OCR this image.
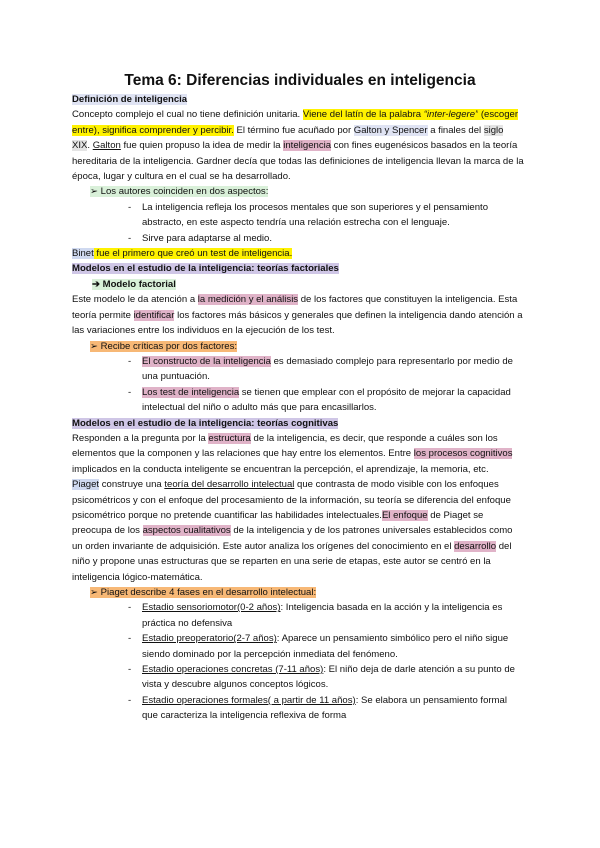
Tema 6: Diferencias individuales en inteligencia

Definición de inteligencia

Concepto complejo el cual no tiene definición unitaria. Viene del latín de la palabra “inter-legere” (escoger entre), significa comprender y percibir. El término fue acuñado por Galton y Spencer a finales del siglo XIX. Galton fue quien propuso la idea de medir la inteligencia con fines eugenésicos basados en la teoría hereditaria de la inteligencia. Gardner decía que todas las definiciones de inteligencia llevan la marca de la época, lugar y cultura en el cual se ha desarrollado.

➢ Los autores coinciden en dos aspectos:

- La inteligencia refleja los procesos mentales que son superiores y el pensamiento abstracto, en este aspecto tendría una relación estrecha con el lenguaje.

- Sirve para adaptarse al medio.

Binet fue el primero que creó un test de inteligencia.

Modelos en el estudio de la inteligencia: teorías factoriales

➔ Modelo factorial

Este modelo le da atención a la medición y el análisis de los factores que constituyen la inteligencia. Esta teoría permite identificar los factores más básicos y generales que definen la inteligencia dando atención a las variaciones entre los individuos en la ejecución de los test.

➢ Recibe críticas por dos factores:

- El constructo de la inteligencia es demasiado complejo para representarlo por medio de una puntuación.

- Los test de inteligencia se tienen que emplear con el propósito de mejorar la capacidad intelectual del niño o adulto más que para encasillarlos.

Modelos en el estudio de la inteligencia: teorías cognitivas

Responden a la pregunta por la estructura de la inteligencia, es decir, que responde a cuáles son los elementos que la componen y las relaciones que hay entre los elementos. Entre los procesos cognitivos implicados en la conducta inteligente se encuentran la percepción, el aprendizaje, la memoria, etc.

Piaget construye una teoría del desarrollo intelectual que contrasta de modo visible con los enfoques psicométricos y con el enfoque del procesamiento de la información, su teoría se diferencia del enfoque psicométrico porque no pretende cuantificar las habilidades intelectuales.El enfoque de Piaget se preocupa de los aspectos cualitativos de la inteligencia y de los patrones universales establecidos como un orden invariante de adquisición. Este autor analiza los orígenes del conocimiento en el desarrollo del niño y propone unas estructuras que se reparten en una serie de etapas, este autor se centró en la inteligencia lógico-matemática.

➢ Piaget describe 4 fases en el desarrollo intelectual:

- Estadio sensoriomotor(0-2 años): Inteligencia basada en la acción y la inteligencia es práctica no defensiva

- Estadio preoperatorio(2-7 años): Aparece un pensamiento simbólico pero el niño sigue siendo dominado por la percepción inmediata del fenómeno.

- Estadio operaciones concretas (7-11 años): El niño deja de darle atención a su punto de vista y descubre algunos conceptos lógicos.

- Estadio operaciones formales( a partir de 11 años): Se elabora un pensamiento formal que caracteriza la inteligencia reflexiva de forma
